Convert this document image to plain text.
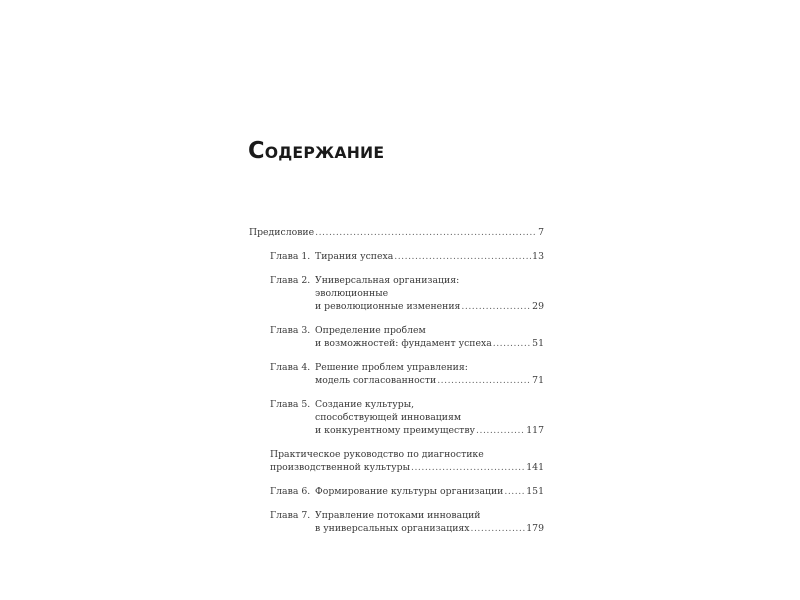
Содержание
Предисловие .....	7
Глава 1. Тирания успеха .....	13
Глава 2. Универсальная организация:
эволюционные
и революционные изменения .....	29
Глава 3. Определение проблем
и возможностей: фундамент успеха .....	51
Глава 4. Решение проблем управления:
модель согласованности .....	71
Глава 5. Создание культуры,
способствующей инновациям
и конкурентному преимуществу .....	117
Практическое руководство по диагностике
производственной культуры .....	141
Глава 6. Формирование культуры организации ..... 151
Глава 7. Управление потоками инноваций
в универсальных организациях .....	179
